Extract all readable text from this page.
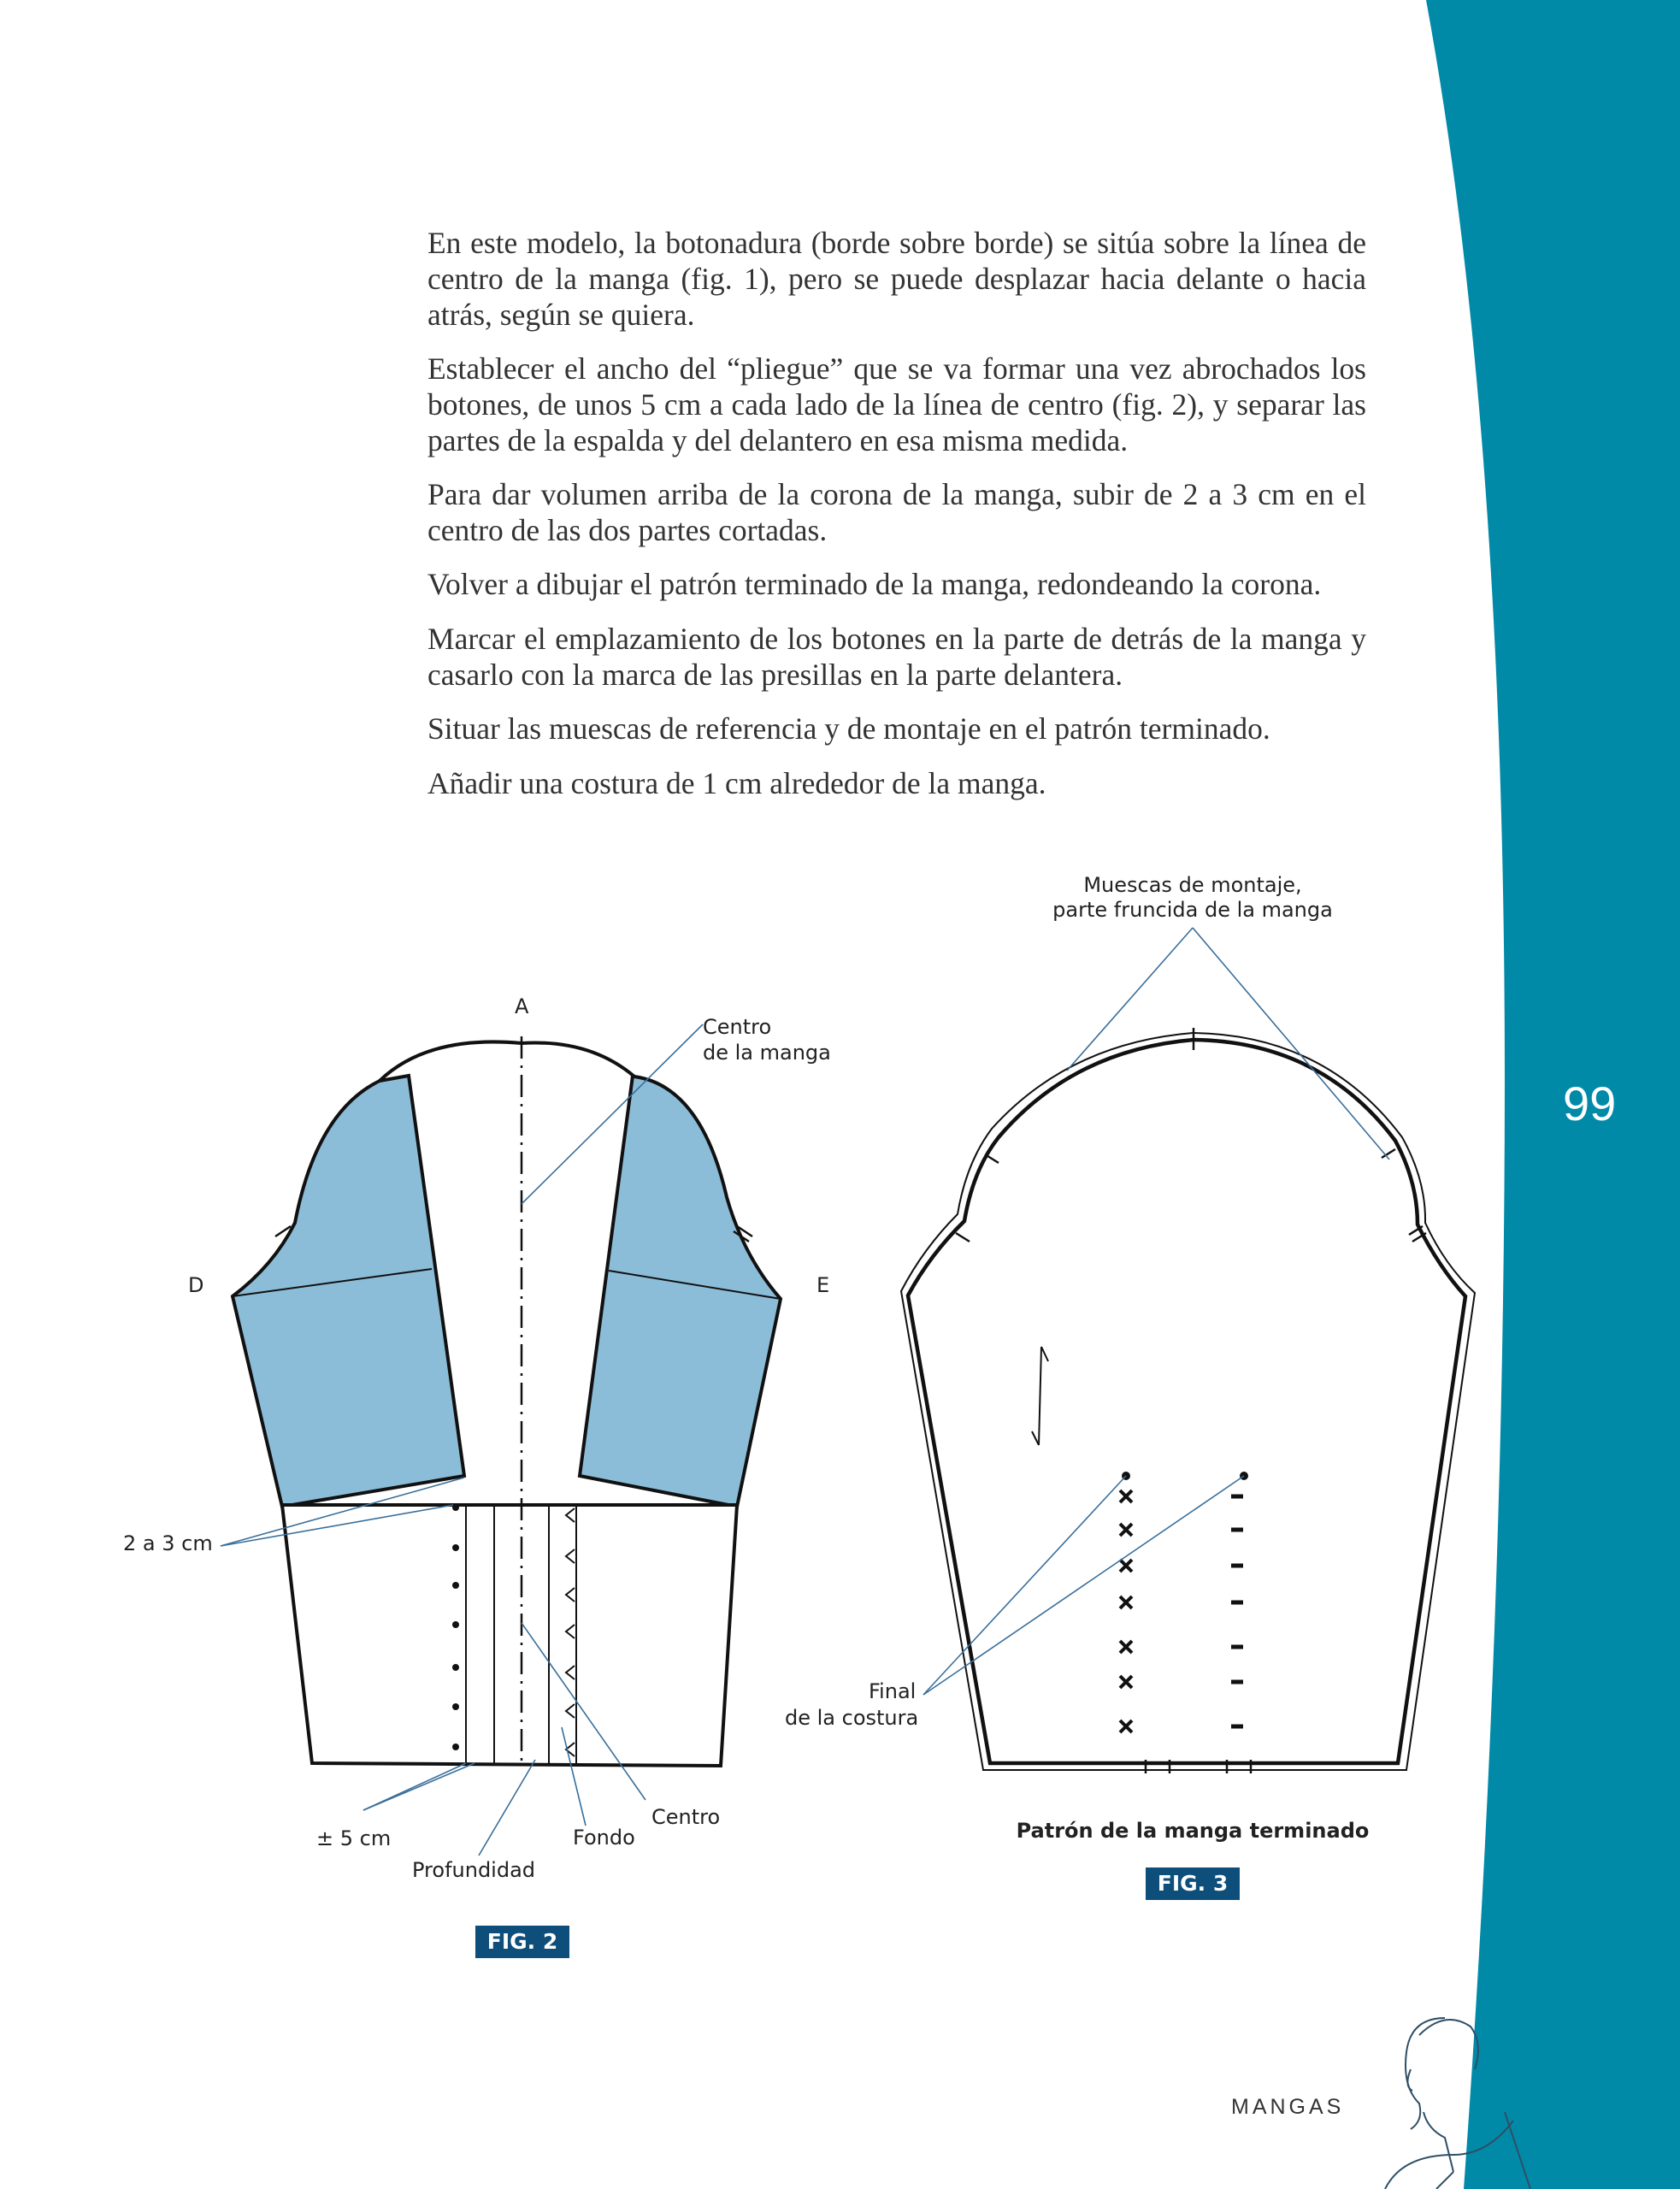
En este modelo, la botonadura (borde sobre borde) se sitúa sobre la línea de centro de la manga (fig. 1), pero se puede desplazar hacia delante o hacia atrás, según se quiera.

Establecer el ancho del “pliegue” que se va formar una vez abrochados los botones, de unos 5 cm a cada lado de la línea de centro (fig. 2), y separar las partes de la espalda y del delantero en esa misma medida.

Para dar volumen arriba de la corona de la manga, subir de 2 a 3 cm en el centro de las dos partes cortadas.

Volver a dibujar el patrón terminado de la manga, redondeando la corona.

Marcar el emplazamiento de los botones en la parte de detrás de la manga y casarlo con la marca de las presillas en la parte delantera.

Situar las muescas de referencia y de montaje en el patrón terminado.

Añadir una costura de 1 cm alrededor de la manga.

99
MANGAS
A
D	E
Centro
de la manga
2 a 3 cm
± 5 cm
Profundidad
Fondo
Centro
FIG. 2
Muescas de montaje,
parte fruncida de la manga
Final
de la costura
Patrón de la manga terminado
FIG. 3
